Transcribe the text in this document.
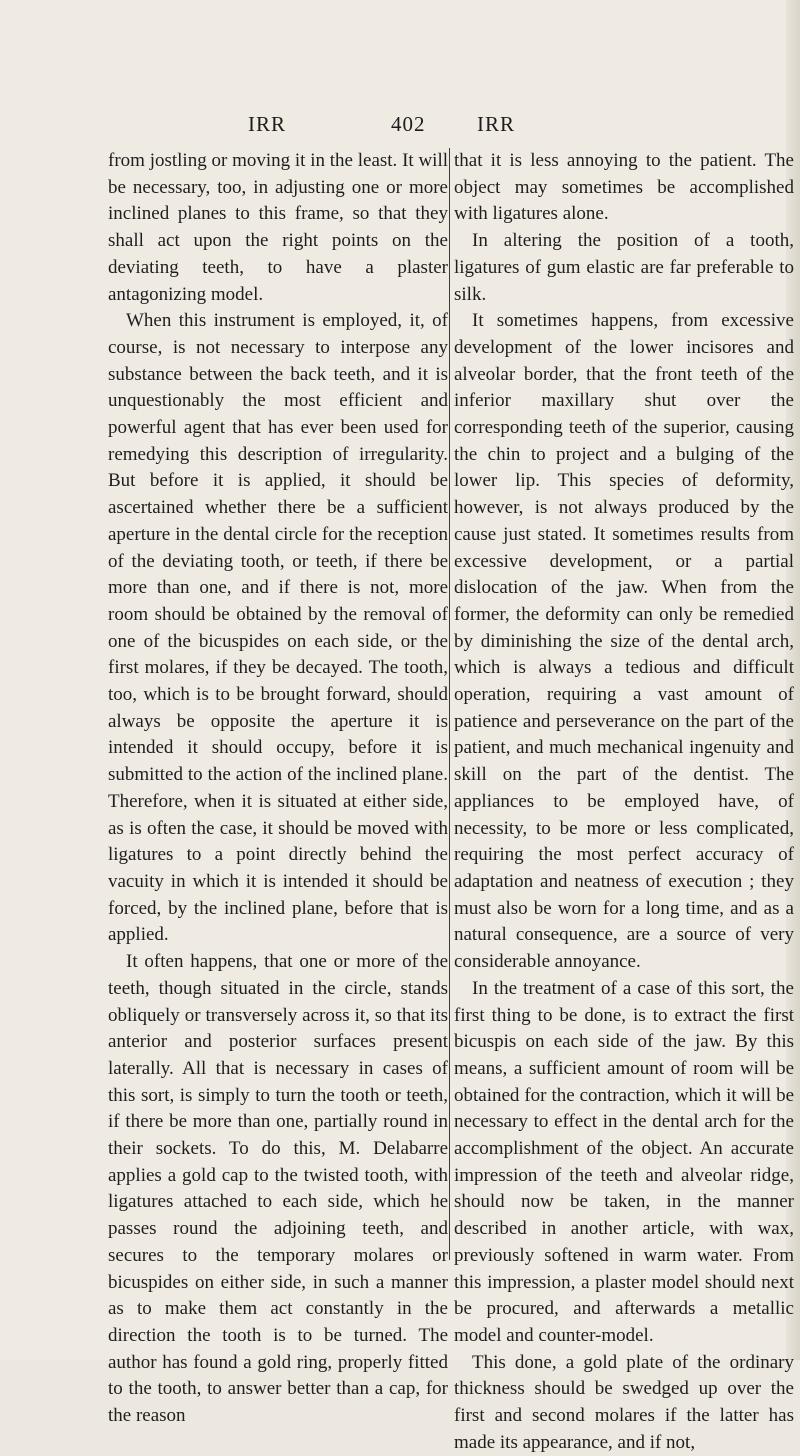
IRR	402 IRR

from jostling or moving it in the least. It will be necessary, too, in adjusting one or more inclined planes to this frame, so that they shall act upon the right points on the deviating teeth, to have a plaster antagonizing model.

When this instrument is employed, it, of course, is not necessary to interpose any substance between the back teeth, and it is unquestionably the most efficient and powerful agent that has ever been used for remedying this description of irregularity. But before it is applied, it should be ascertained whether there be a sufficient aperture in the dental circle for the reception of the deviating tooth, or teeth, if there be more than one, and if there is not, more room should be obtained by the removal of one of the bicuspides on each side, or the first molares, if they be decayed. The tooth, too, which is to be brought forward, should always be opposite the aperture it is intended it should occupy, before it is submitted to the action of the inclined plane. Therefore, when it is situated at either side, as is often the case, it should be moved with ligatures to a point directly behind the vacuity in which it is intended it should be forced, by the inclined plane, before that is applied.

It often happens, that one or more of the teeth, though situated in the circle, stands obliquely or transversely across it, so that its anterior and posterior surfaces present laterally. All that is necessary in cases of this sort, is simply to turn the tooth or teeth, if there be more than one, partially round in their sockets. To do this, M. Delabarre applies a gold cap to the twisted tooth, with ligatures attached to each side, which he passes round the adjoining teeth, and secures to the temporary molares or bicuspides on either side, in such a manner as to make them act constantly in the direction the tooth is to be turned. The author has found a gold ring, properly fitted to the tooth, to answer better than a cap, for the reason

that it is less annoying to the patient. The object may sometimes be accomplished with ligatures alone.

In altering the position of a tooth, ligatures of gum elastic are far preferable to silk.

It sometimes happens, from excessive development of the lower incisores and alveolar border, that the front teeth of the inferior maxillary shut over the corresponding teeth of the superior, causing the chin to project and a bulging of the lower lip. This species of deformity, however, is not always produced by the cause just stated. It sometimes results from excessive development, or a partial dislocation of the jaw. When from the former, the deformity can only be remedied by diminishing the size of the dental arch, which is always a tedious and difficult operation, requiring a vast amount of patience and perseverance on the part of the patient, and much mechanical ingenuity and skill on the part of the dentist. The appliances to be employed have, of necessity, to be more or less complicated, requiring the most perfect accuracy of adaptation and neatness of execution ; they must also be worn for a long time, and as a natural consequence, are a source of very considerable annoyance.

In the treatment of a case of this sort, the first thing to be done, is to extract the first bicuspis on each side of the jaw. By this means, a sufficient amount of room will be obtained for the contraction, which it will be necessary to effect in the dental arch for the accomplishment of the object. An accurate impression of the teeth and alveolar ridge, should now be taken, in the manner described in another article, with wax, previously softened in warm water. From this impression, a plaster model should next be procured, and afterwards a metallic model and counter-model.

This done, a gold plate of the ordinary thickness should be swedged up over the first and second molares if the latter has made its appearance, and if not,
